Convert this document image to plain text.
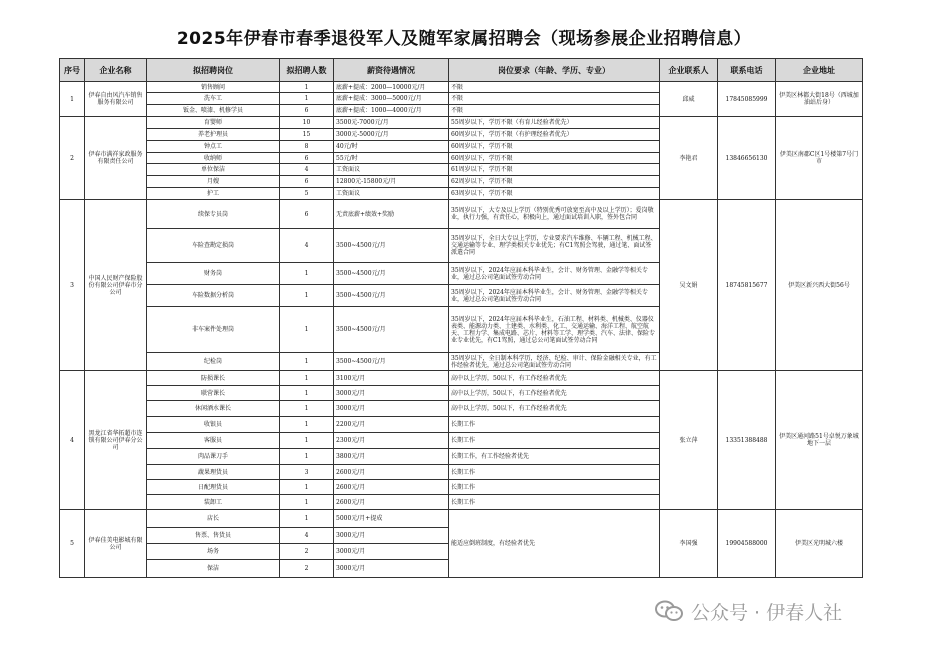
2025年伊春市春季退役军人及随军家属招聘会（现场参展企业招聘信息）
序号	企业名称	拟招聘岗位	拟招聘人数	薪资待遇情况	岗位要求（年龄、学历、专业）	企业联系人	联系电话	企业地址
1	伊春自由风汽车销售服务有限公司	销售顾问	1	底薪+提成：2000—10000元/月	不限	邱威	17845085999	伊美区林都大街18号（西城加油站后身）
		洗车工	1	底薪+提成：3000—5000元/月	不限			
		钣金、喷漆、机修学员	6	底薪+提成：1000—4000元/月	不限			
2	伊春市满祥家政服务有限责任公司	育婴师	10	3500元-7000元/月	55周岁以下，学历不限（有育儿经验者优先）	李艳君	13846656130	伊美区南郡C区1号楼第7号门市
		养老护理员	15	3000元-5000元/月	60周岁以下，学历不限（有护理经验者优先）			
		钟点工	8	40元/时	60周岁以下，学历不限			
		收纳师	6	55元/时	60周岁以下，学历不限			
		单位保洁	4	工资面议	61周岁以下，学历不限			
		月嫂	6	12800元-15800元/月	62周岁以下，学历不限			
		护工	5	工资面议	63周岁以下，学历不限			
3	中国人民财产保险股份有限公司伊春市分公司	续保专员岗	6	无责底薪+绩效+奖励	35周岁以下，大专及以上学历（特别优秀可放宽至高中及以上学历）；爱岗敬业，执行力强，有责任心，积极向上，通过面试培训入职，签外包合同	吴文娟	18745815677	伊美区新兴西大街56号
		车险查勘定损岗	4	3500~4500元/月	35周岁以下，全日大专以上学历，专业要求汽车维修、车辆工程、机械工程、交通运输等专业、理学类相关专业优先；有C1驾照会驾驶，通过笔、面试签派遣合同			
		财务岗	1	3500~4500元/月	35周岁以下，2024年应届本科毕业生，会计、财务管理、金融学等相关专业，通过总公司笔面试签劳动合同			
		车险数据分析岗	1	3500~4500元/月	35周岁以下，2024年应届本科毕业生，会计、财务管理、金融学等相关专业，通过总公司笔面试签劳动合同			
		非车案件处理岗	1	3500~4500元/月	35周岁以下，2024年应届本科毕业生，石油工程、材料类、机械类、仪器仪表类、能源动力类、土建类、水利类、化工、交通运输、海洋工程、航空航天、工程力学、集成电路、芯片、材料等工学、理学类、汽车、法律、保险专业专业优先，有C1驾照，通过总公司笔面试签劳动合同			
		纪检岗	1	3500~4500元/月	35周岁以下，全日制本科学历，经济、纪检、审计、保险金融相关专业，有工作经验者优先，通过总公司笔面试签劳动合同			
4	黑龙江省华拓超市连锁有限公司伊春分公司	防损课长	1	3100元/月	高中以上学历，50以下，有工作经验者优先	张立萍	13351388488	伊美区通河路51号卓悦万象城地下一层
		联营课长	1	3000元/月	高中以上学历，50以下，有工作经验者优先			
		休闲酒水课长	1	3000元/月	高中以上学历，50以下，有工作经验者优先			
		收银员	1	2200元/月	长期工作			
		客服员	1	2300元/月	长期工作			
		肉品课刀手	1	3800元/月	长期工作，有工作经验者优先			
		蔬果理货员	3	2600元/月	长期工作			
		日配理货员	1	2600元/月	长期工作			
		装卸工	1	2600元/月	长期工作			
5	伊春佳美电影城有限公司	店长	1	5000元/月+提成	能适应倒班制度，有经验者优先	李国强	19904588000	伊美区光明城六楼
		售票、售货员	4	3000元/月				
		场务	2	3000元/月				
		保洁	2	3000元/月				
公众号 · 伊春人社
